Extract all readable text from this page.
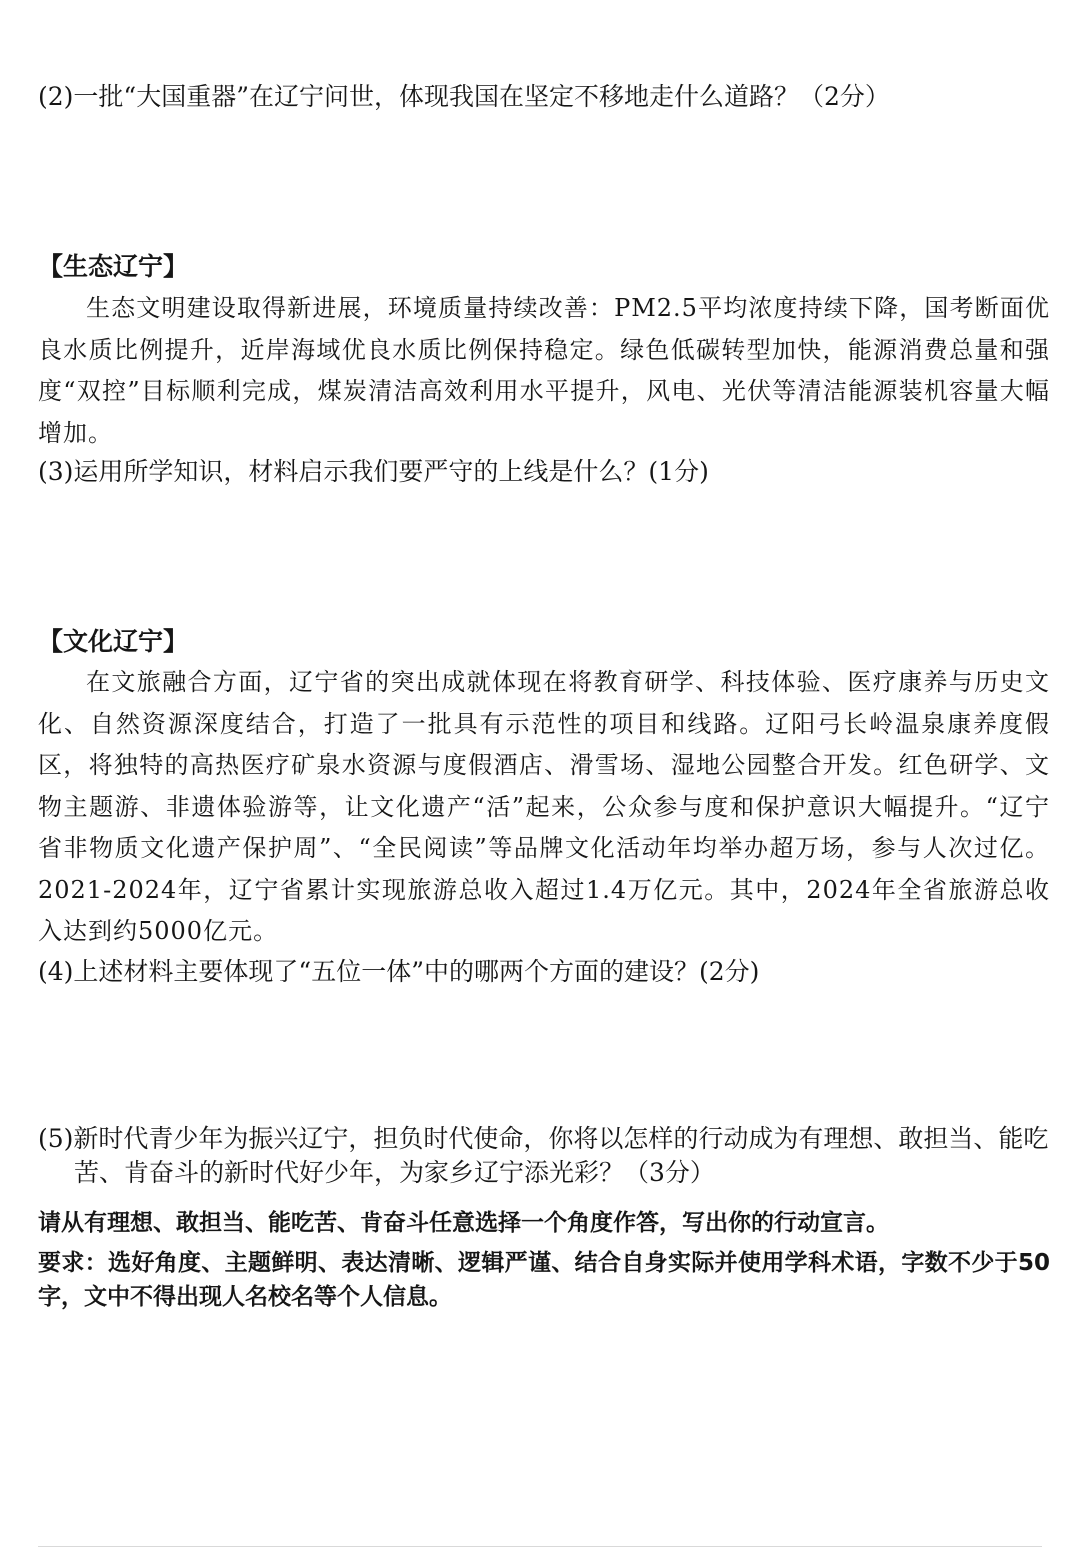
(2)一批“大国重器”在辽宁问世，体现我国在坚定不移地走什么道路？（2分）
【生态辽宁】

生态文明建设取得新进展，环境质量持续改善：PM2.5平均浓度持续下降，国考断面优良水质比例提升，近岸海域优良水质比例保持稳定。绿色低碳转型加快，能源消费总量和强度“双控”目标顺利完成，煤炭清洁高效利用水平提升，风电、光伏等清洁能源装机容量大幅增加。

(3)运用所学知识，材料启示我们要严守的上线是什么？(1分)
【文化辽宁】

在文旅融合方面，辽宁省的突出成就体现在将教育研学、科技体验、医疗康养与历史文化、自然资源深度结合，打造了一批具有示范性的项目和线路。辽阳弓长岭温泉康养度假区，将独特的高热医疗矿泉水资源与度假酒店、滑雪场、湿地公园整合开发。红色研学、文物主题游、非遗体验游等，让文化遗产“活”起来，公众参与度和保护意识大幅提升。“辽宁省非物质文化遗产保护周”、“全民阅读”等品牌文化活动年均举办超万场，参与人次过亿。2021-2024年，辽宁省累计实现旅游总收入超过1.4万亿元。其中，2024年全省旅游总收入达到约5000亿元。

(4)上述材料主要体现了“五位一体”中的哪两个方面的建设？(2分)

(5)新时代青少年为振兴辽宁，担负时代使命，你将以怎样的行动成为有理想、敢担当、能吃苦、肯奋斗的新时代好少年，为家乡辽宁添光彩？（3分）

请从有理想、敢担当、能吃苦、肯奋斗任意选择一个角度作答，写出你的行动宣言。

要求：选好角度、主题鲜明、表达清晰、逻辑严谨、结合自身实际并使用学科术语，字数不少于50字，文中不得出现人名校名等个人信息。
